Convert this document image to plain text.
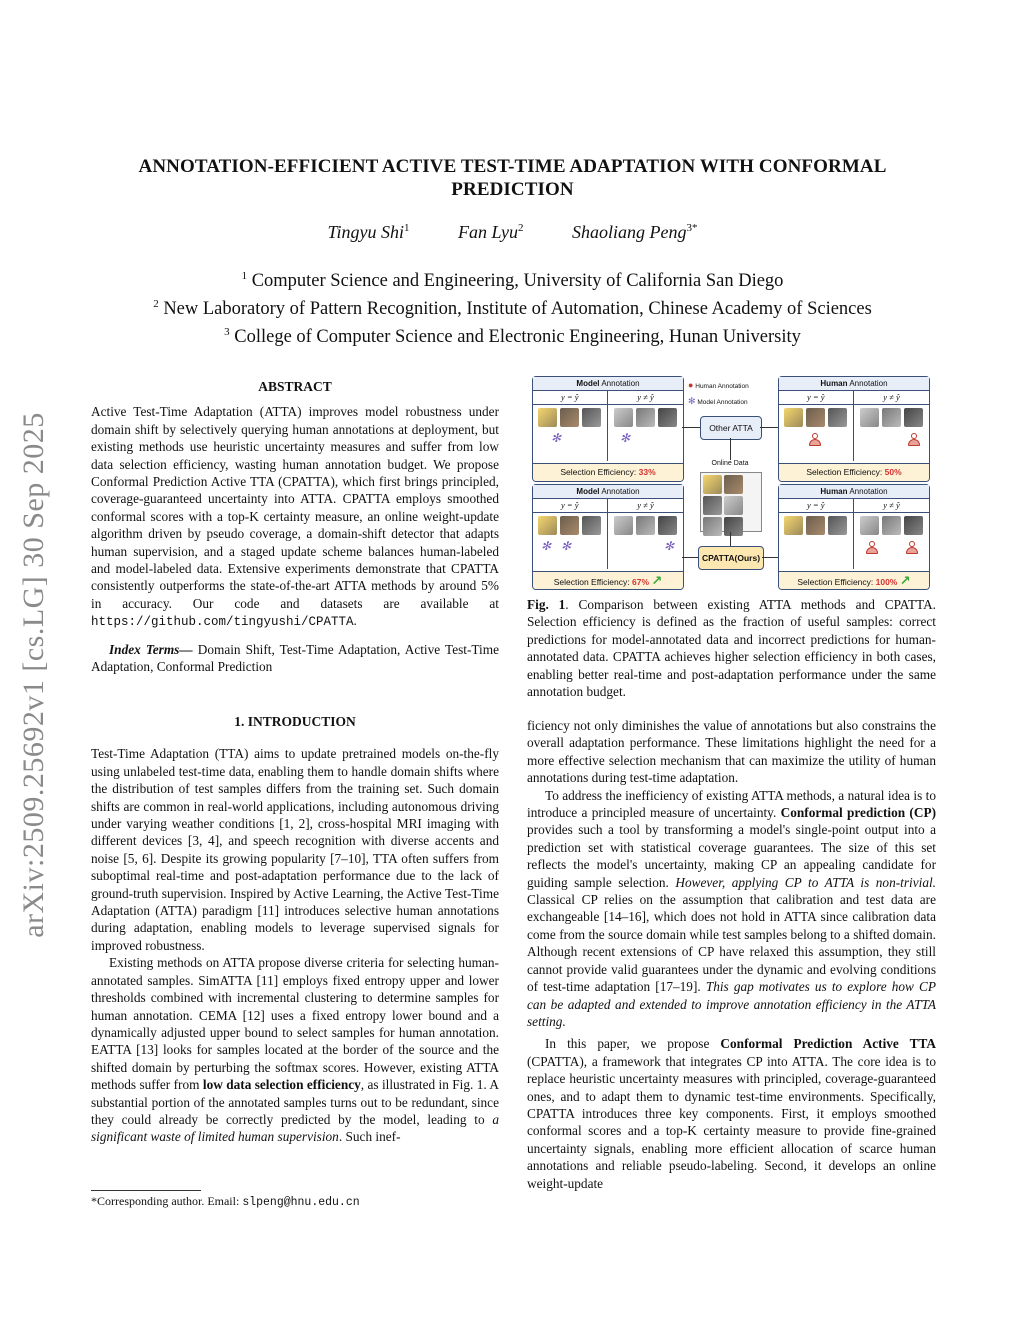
ANNOTATION-EFFICIENT ACTIVE TEST-TIME ADAPTATION WITH CONFORMAL PREDICTION
Tingyu Shi$^1$	Fan Lyu$^2$	Shaoliang Peng$^{3*}$
$^1$ Computer Science and Engineering, University of California San Diego
$^2$ New Laboratory of Pattern Recognition, Institute of Automation, Chinese Academy of Sciences
$^3$ College of Computer Science and Electronic Engineering, Hunan University
arXiv:2509.25692v1 [cs.LG] 30 Sep 2025
ABSTRACT

Active Test-Time Adaptation (ATTA) improves model robustness under domain shift by selectively querying human annotations at deployment, but existing methods use heuristic uncertainty measures and suffer from low data selection efficiency, wasting human annotation budget. We propose Conformal Prediction Active TTA (CPATTA), which first brings principled, coverage-guaranteed uncertainty into ATTA. CPATTA employs smoothed conformal scores with a top-K certainty measure, an online weight-update algorithm driven by pseudo coverage, a domain-shift detector that adapts human supervision, and a staged update scheme balances human-labeled and model-labeled data. Extensive experiments demonstrate that CPATTA consistently outperforms the state-of-the-art ATTA methods by around 5% in accuracy. Our code and datasets are available at https://github.com/tingyushi/CPATTA.

Index Terms— Domain Shift, Test-Time Adaptation, Active Test-Time Adaptation, Conformal Prediction

1. INTRODUCTION

Test-Time Adaptation (TTA) aims to update pretrained models on-the-fly using unlabeled test-time data, enabling them to handle domain shifts where the distribution of test samples differs from the training set. Such domain shifts are common in real-world applications, including autonomous driving under varying weather conditions [1, 2], cross-hospital MRI imaging with different devices [3, 4], and speech recognition with diverse accents and noise [5, 6]. Despite its growing popularity [7–10], TTA often suffers from suboptimal real-time and post-adaptation performance due to the lack of ground-truth supervision. Inspired by Active Learning, the Active Test-Time Adaptation (ATTA) paradigm [11] introduces selective human annotations during adaptation, enabling models to leverage supervised signals for improved robustness.

Existing methods on ATTA propose diverse criteria for selecting human-annotated samples. SimATTA [11] employs fixed entropy upper and lower thresholds combined with incremental clustering to determine samples for human annotation. CEMA [12] uses a fixed entropy lower bound and a dynamically adjusted upper bound to select samples for human annotation. EATTA [13] looks for samples located at the border of the source and the shifted domain by perturbing the softmax scores. However, existing ATTA methods suffer from low data selection efficiency, as illustrated in Fig. 1. A substantial portion of the annotated samples turns out to be redundant, since they could already be correctly predicted by the model, leading to a significant waste of limited human supervision. Such inef-

*Corresponding author. Email: slpeng@hnu.edu.cn
Model Annotation
y = ŷ
✻
y ≠ ŷ
✻
Selection Efficiency: 33%
Human Annotation
y = ŷ	y ≠ ŷ
Selection Efficiency: 50%
Model Annotation
y = ŷ
✻✻
y ≠ ŷ
✻
Selection Efficiency: 67% ↗
Human Annotation
y = ŷ	y ≠ ŷ
Selection Efficiency: 100% ↗
● Human Annotation
✻ Model Annotation
Other ATTA
Online Data
CPATTA(Ours)
Fig. 1. Comparison between existing ATTA methods and CPATTA. Selection efficiency is defined as the fraction of useful samples: correct predictions for model-annotated data and incorrect predictions for human-annotated data. CPATTA achieves higher selection efficiency in both cases, enabling better real-time and post-adaptation performance under the same annotation budget.

ficiency not only diminishes the value of annotations but also constrains the overall adaptation performance. These limitations highlight the need for a more effective selection mechanism that can maximize the utility of human annotations during test-time adaptation.

To address the inefficiency of existing ATTA methods, a natural idea is to introduce a principled measure of uncertainty. Conformal prediction (CP) provides such a tool by transforming a model's single-point output into a prediction set with statistical coverage guarantees. The size of this set reflects the model's uncertainty, making CP an appealing candidate for guiding sample selection. However, applying CP to ATTA is non-trivial. Classical CP relies on the assumption that calibration and test data are exchangeable [14–16], which does not hold in ATTA since calibration data come from the source domain while test samples belong to a shifted domain. Although recent extensions of CP have relaxed this assumption, they still cannot provide valid guarantees under the dynamic and evolving conditions of test-time adaptation [17–19]. This gap motivates us to explore how CP can be adapted and extended to improve annotation efficiency in the ATTA setting.

In this paper, we propose Conformal Prediction Active TTA (CPATTA), a framework that integrates CP into ATTA. The core idea is to replace heuristic uncertainty measures with principled, coverage-guaranteed ones, and to adapt them to dynamic test-time environments. Specifically, CPATTA introduces three key components. First, it employs smoothed conformal scores and a top-K certainty measure to provide fine-grained uncertainty signals, enabling more efficient allocation of scarce human annotations and reliable pseudo-labeling. Second, it develops an online weight-update
